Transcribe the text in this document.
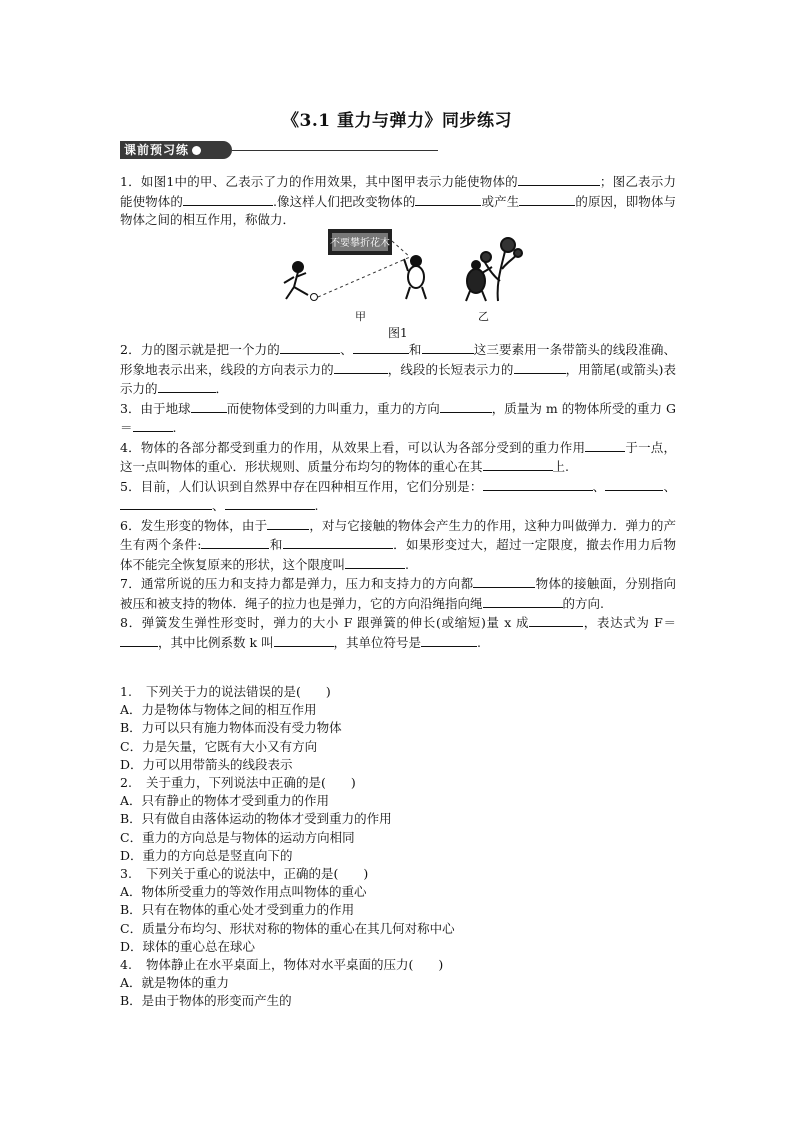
《3.1 重力与弹力》同步练习
课前预习练

1．如图1中的甲、乙表示了力的作用效果，其中图甲表示力能使物体的	；图乙表示力能使物体的	.像这样人们把改变物体的	或产生	的原因，即物体与物体之间的相互作用，称做力．

不要攀折花木
甲	乙
图1

2．力的图示就是把一个力的	、	和	这三要素用一条带箭头的线段准确、形象地表示出来，线段的方向表示力的	，线段的长短表示力的	，用箭尾(或箭头)表示力的	．

3．由于地球	而使物体受到的力叫重力，重力的方向	，质量为 m 的物体所受的重力 G＝	.

4．物体的各部分都受到重力的作用，从效果上看，可以认为各部分受到的重力作用	于一点，这一点叫物体的重心．形状规则、质量分布均匀的物体的重心在其	上.

5．目前，人们认识到自然界中存在四种相互作用，它们分别是：	、	、、	.

6．发生形变的物体，由于	，对与它接触的物体会产生力的作用，这种力叫做弹力．弹力的产生有两个条件:	和	．如果形变过大，超过一定限度，撤去作用力后物体不能完全恢复原来的形状，这个限度叫	.

7．通常所说的压力和支持力都是弹力，压力和支持力的方向都	物体的接触面，分别指向被压和被支持的物体．绳子的拉力也是弹力，它的方向沿绳指向绳	的方向.

8．弹簧发生弹性形变时，弹力的大小 F 跟弹簧的伸长(或缩短)量 x 成	，表达式为 F＝，其中比例系数 k 叫	，其单位符号是	.

1. 下列关于力的说法错误的是(　　)
A．力是物体与物体之间的相互作用
B．力可以只有施力物体而没有受力物体
C．力是矢量，它既有大小又有方向
D．力可以用带箭头的线段表示
2. 关于重力，下列说法中正确的是(　　)
A．只有静止的物体才受到重力的作用
B．只有做自由落体运动的物体才受到重力的作用
C．重力的方向总是与物体的运动方向相同
D．重力的方向总是竖直向下的
3. 下列关于重心的说法中，正确的是(　　)
A．物体所受重力的等效作用点叫物体的重心
B．只有在物体的重心处才受到重力的作用
C．质量分布均匀、形状对称的物体的重心在其几何对称中心
D．球体的重心总在球心
4. 物体静止在水平桌面上，物体对水平桌面的压力(　　)
A．就是物体的重力
B．是由于物体的形变而产生的
